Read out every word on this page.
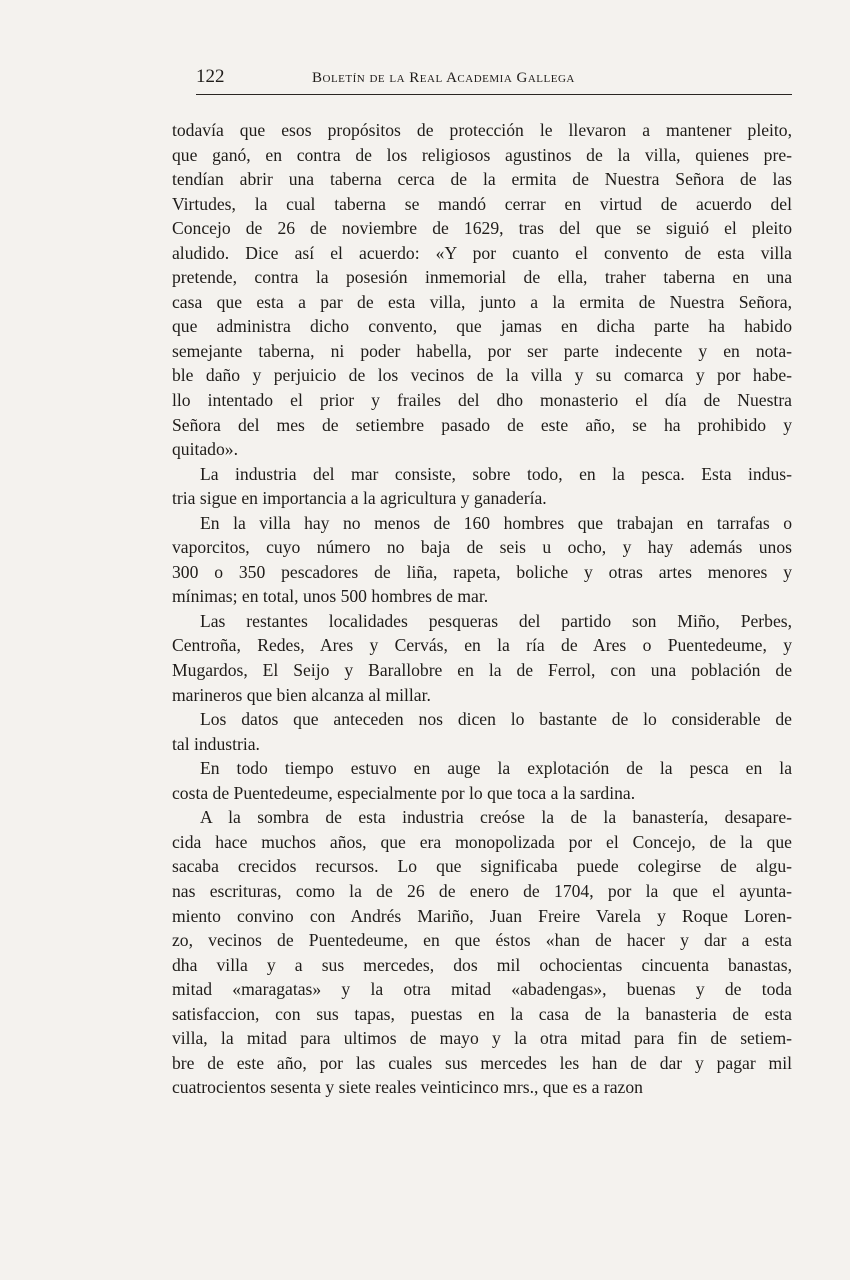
122	Boletín de la Real Academia Gallega
todavía que esos propósitos de protección le llevaron a mantener pleito,
que ganó, en contra de los religiosos agustinos de la villa, quienes pre-
tendían abrir una taberna cerca de la ermita de Nuestra Señora de las
Virtudes, la cual taberna se mandó cerrar en virtud de acuerdo del
Concejo de 26 de noviembre de 1629, tras del que se siguió el pleito
aludido. Dice así el acuerdo: «Y por cuanto el convento de esta villa
pretende, contra la posesión inmemorial de ella, traher taberna en una
casa que esta a par de esta villa, junto a la ermita de Nuestra Señora,
que administra dicho convento, que jamas en dicha parte ha habido
semejante taberna, ni poder habella, por ser parte indecente y en nota-
ble daño y perjuicio de los vecinos de la villa y su comarca y por habe-
llo intentado el prior y frailes del dho monasterio el día de Nuestra
Señora del mes de setiembre pasado de este año, se ha prohibido y
quitado».
La industria del mar consiste, sobre todo, en la pesca. Esta indus-
tria sigue en importancia a la agricultura y ganadería.
En la villa hay no menos de 160 hombres que trabajan en tarrafas o
vaporcitos, cuyo número no baja de seis u ocho, y hay además unos
300 o 350 pescadores de liña, rapeta, boliche y otras artes menores y
mínimas; en total, unos 500 hombres de mar.
Las restantes localidades pesqueras del partido son Miño, Perbes,
Centroña, Redes, Ares y Cervás, en la ría de Ares o Puentedeume, y
Mugardos, El Seijo y Barallobre en la de Ferrol, con una población de
marineros que bien alcanza al millar.
Los datos que anteceden nos dicen lo bastante de lo considerable de
tal industria.
En todo tiempo estuvo en auge la explotación de la pesca en la
costa de Puentedeume, especialmente por lo que toca a la sardina.
A la sombra de esta industria creóse la de la banastería, desapare-
cida hace muchos años, que era monopolizada por el Concejo, de la que
sacaba crecidos recursos. Lo que significaba puede colegirse de algu-
nas escrituras, como la de 26 de enero de 1704, por la que el ayunta-
miento convino con Andrés Mariño, Juan Freire Varela y Roque Loren-
zo, vecinos de Puentedeume, en que éstos «han de hacer y dar a esta
dha villa y a sus mercedes, dos mil ochocientas cincuenta banastas,
mitad «maragatas» y la otra mitad «abadengas», buenas y de toda
satisfaccion, con sus tapas, puestas en la casa de la banasteria de esta
villa, la mitad para ultimos de mayo y la otra mitad para fin de setiem-
bre de este año, por las cuales sus mercedes les han de dar y pagar mil
cuatrocientos sesenta y siete reales veinticinco mrs., que es a razon
